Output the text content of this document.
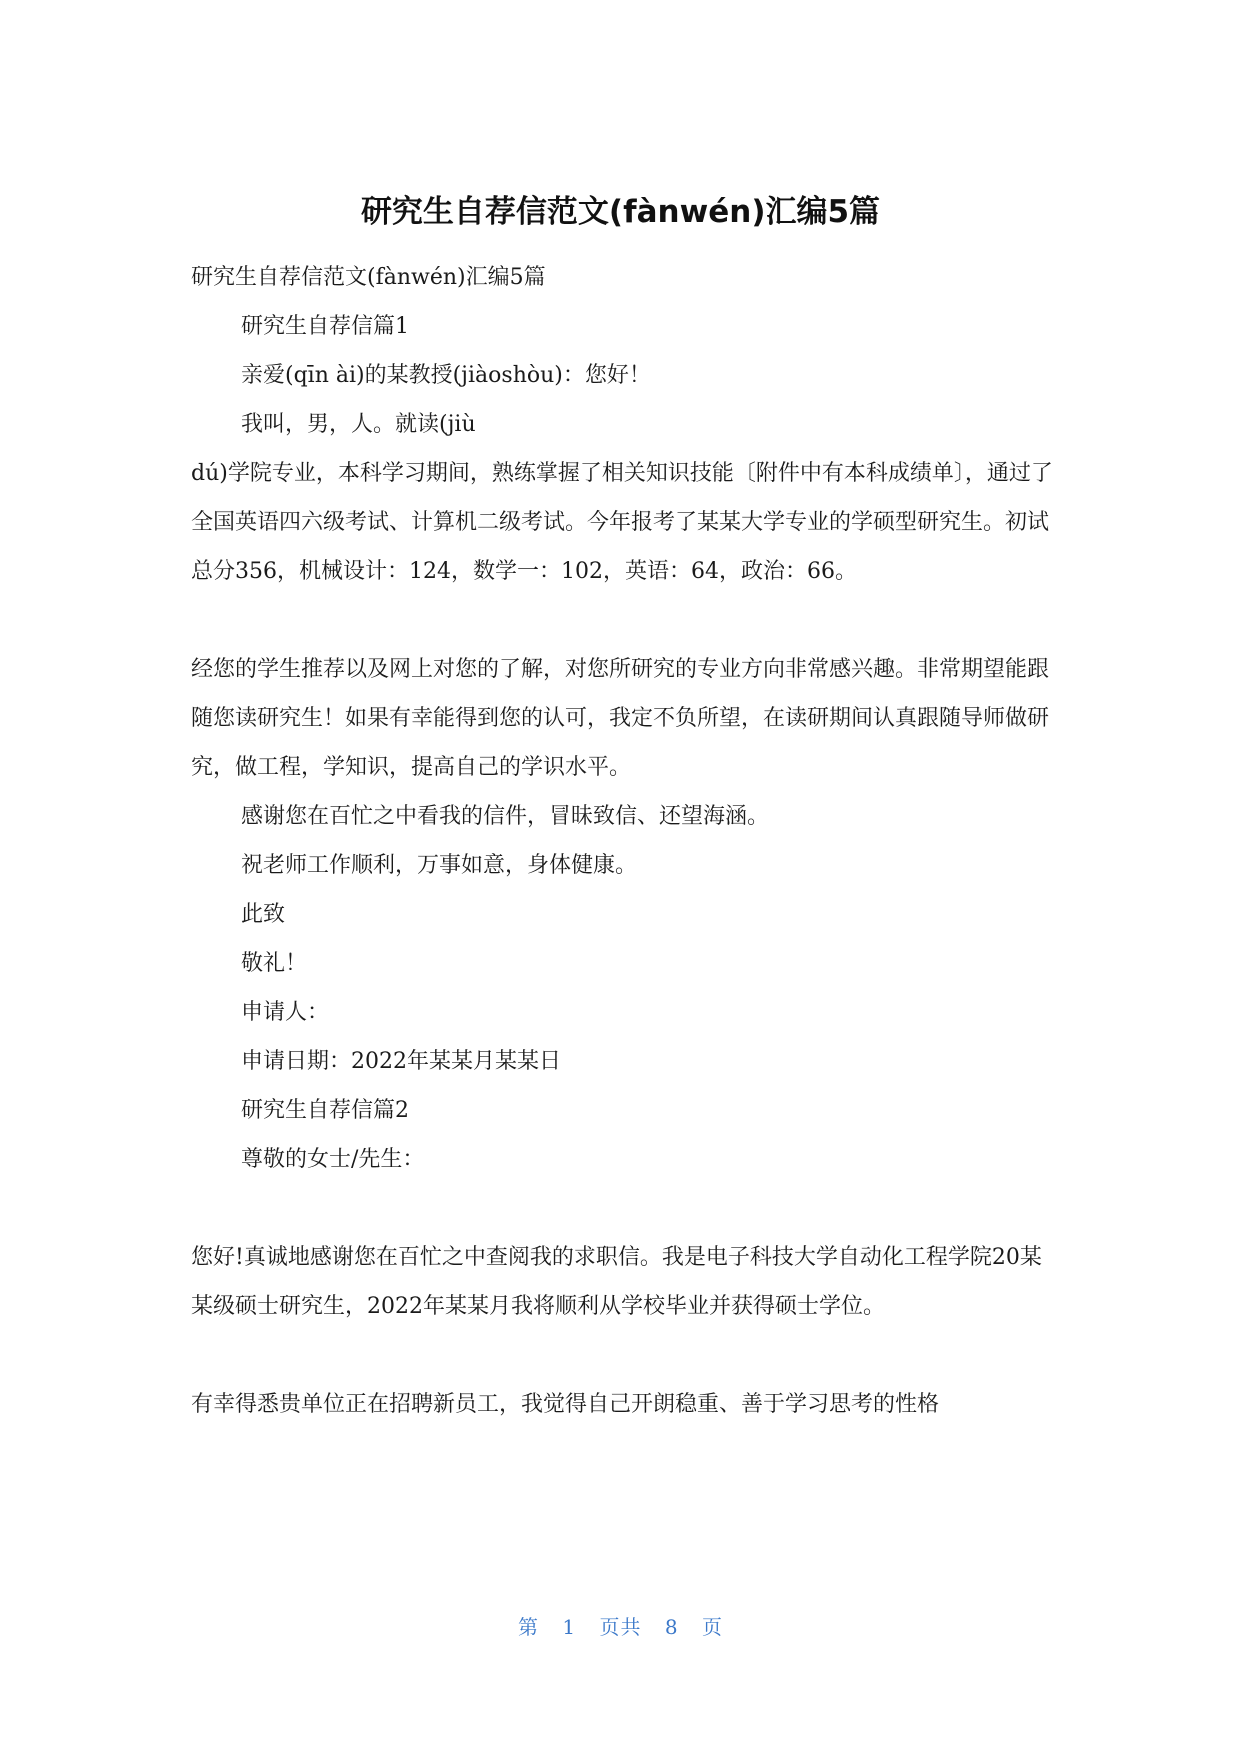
研究生自荐信范文(fànwén)汇编5篇

研究生自荐信范文(fànwén)汇编5篇

研究生自荐信篇1

亲爱(qīn ài)的某教授(jiàoshòu)：您好！

我叫，男，人。就读(jiù

dú)学院专业，本科学习期间，熟练掌握了相关知识技能〔附件中有本科成绩单〕，通过了全国英语四六级考试、计算机二级考试。今年报考了某某大学专业的学硕型研究生。初试总分356，机械设计：124，数学一：102，英语：64，政治：66。

经您的学生推荐以及网上对您的了解，对您所研究的专业方向非常感兴趣。非常期望能跟随您读研究生！如果有幸能得到您的认可，我定不负所望，在读研期间认真跟随导师做研究，做工程，学知识，提高自己的学识水平。

感谢您在百忙之中看我的信件，冒昧致信、还望海涵。

祝老师工作顺利，万事如意，身体健康。

此致

敬礼！

申请人：

申请日期：2022年某某月某某日

研究生自荐信篇2

尊敬的女士/先生：

您好!真诚地感谢您在百忙之中查阅我的求职信。我是电子科技大学自动化工程学院20某某级硕士研究生，2022年某某月我将顺利从学校毕业并获得硕士学位。

有幸得悉贵单位正在招聘新员工，我觉得自己开朗稳重、善于学习思考的性格

第 1 页共 8 页
